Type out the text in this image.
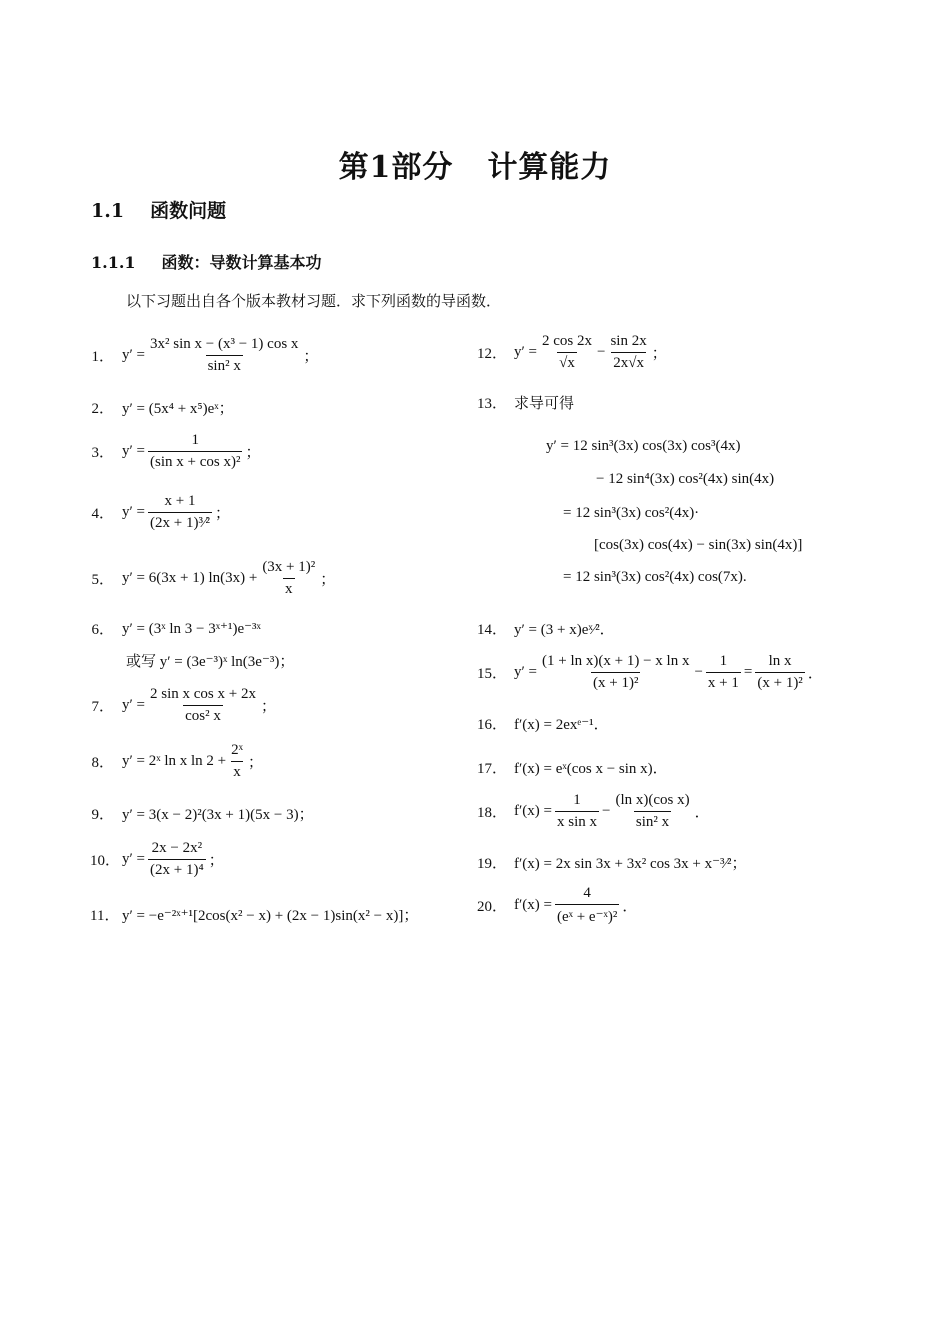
第1部分 计算能力
1.1 函数问题
1.1.1 函数：导数计算基本功
以下习题出自各个版本教材习题．求下列函数的导函数．
1． $y' = \frac{\text{3x² sin x − (x³ − 1) cos x}}{\text{sin² x}}$ ；
2． y′ = (5x⁴ + x⁵)eˣ；
3． $y' = \frac{1}{\text{(sin x + cos x)²}}$ ；
4． $y' = \frac{x + 1}{\text{(2x + 1)³⁄²}}$ ；
5． y′ = 6(3x + 1) $\ln(3x) + \frac{\text{(3x + 1)²}}{x}$ ；
6． y′ = (3ˣ ln 3 − 3ˣ⁺¹)e⁻³ˣ
或写 y′ = (3e⁻³)ˣ ln(3e⁻³)；
7． $y' = \frac{\text{2 sin x cos x + 2x}}{\text{cos² x}}$ ；
8． y′ = 2ˣ ln x $\ln 2 + \frac{\text{2ˣ}}{x}$ ；
9． y′ = 3(x − 2)²(3x + 1)(5x − 3)；
10． $y' = \frac{\text{2x − 2x²}}{\text{(2x + 1)⁴}}$ ；
11． y′ = −e⁻²ˣ⁺¹[2cos(x² − x) + (2x − 1)sin(x² − x)]；
12． $y' = \frac{2 \cos 2x}{√x} - \frac{\sin 2x}{2x√x}$ ；
13． 求导可得
y′ = 12 sin³(3x) cos(3x) cos³(4x)
− 12 sin⁴(3x) cos²(4x) sin(4x)
= 12 sin³(3x) cos²(4x)·
[cos(3x) cos(4x) − sin(3x) sin(4x)]
= 12 sin³(3x) cos²(4x) cos(7x).
14． y′ = (3 + x)eˣ⁄²．
15． $y' = \frac{\text{(1 + ln x)(x + 1) − x ln x}}{\text{(x + 1)²}} - \frac{1}{x + 1} = \frac{\text{ln x}}{\text{(x + 1)²}}$ ．
16． f′(x) = 2exᵉ⁻¹．
17． f′(x) = eˣ(cos x − sin x)．
18． $f'(x) = \frac{1}{\text{x sin x}} - \frac{\text{(ln x)(cos x)}}{\text{sin² x}}$ ．
19． f′(x) = 2x sin 3x + 3x² cos 3x + x⁻³⁄²；
20． $f'(x) = \frac{4}{\text{(eˣ + e⁻ˣ)²}}$ ．
